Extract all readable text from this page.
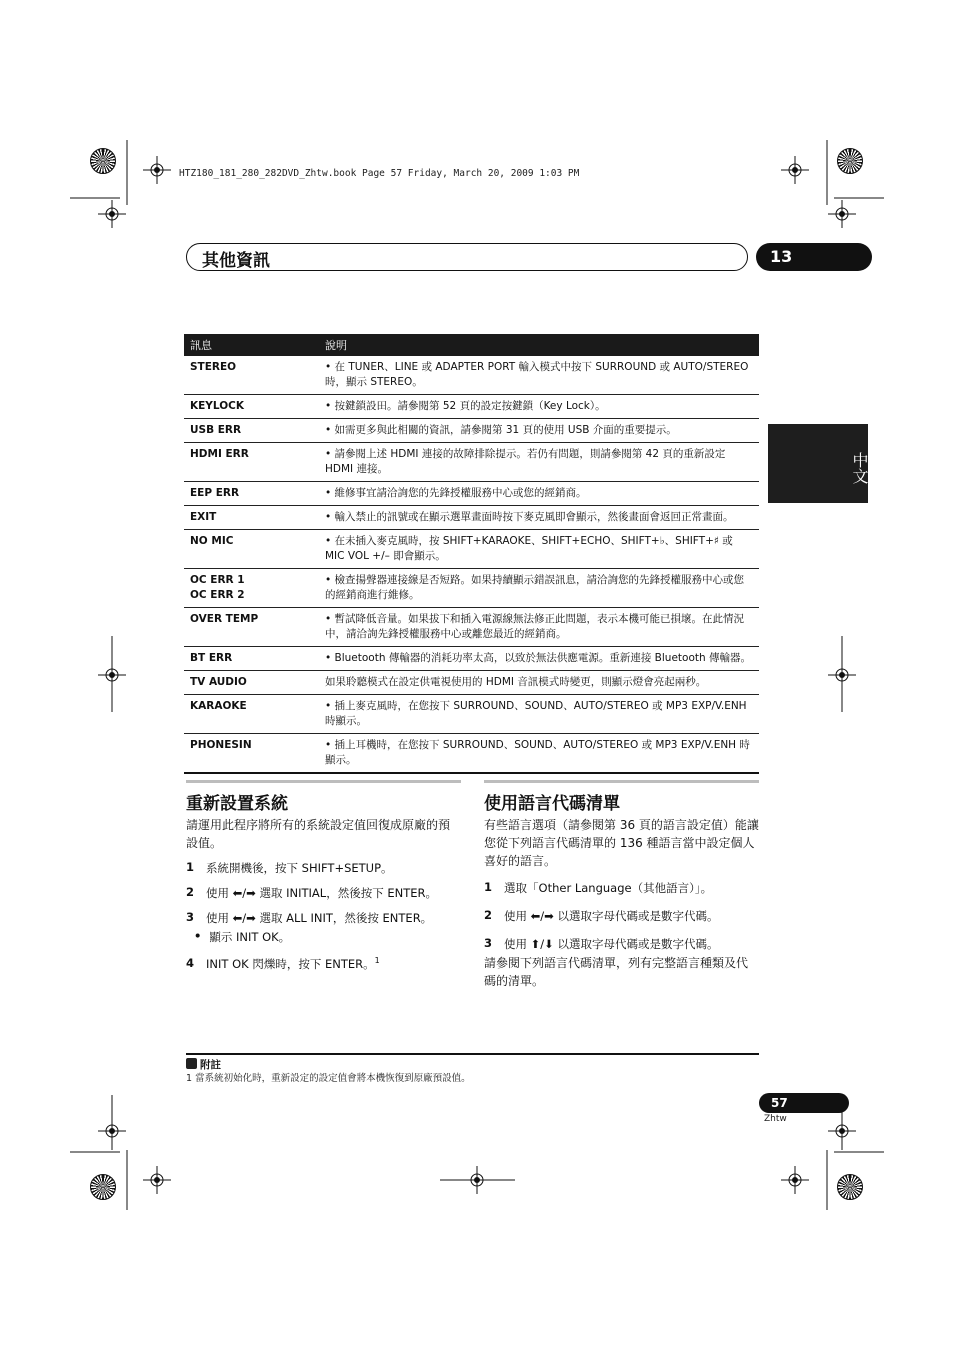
HTZ180_181_280_282DVD_Zhtw.book Page 57 Friday, March 20, 2009 1:03 PM
其他資訊	13
中文
訊息	說明
STEREO	• 在 TUNER、LINE 或 ADAPTER PORT 輸入模式中按下 SURROUND 或 AUTO/STEREO 時，顯示 STEREO。
KEYLOCK	• 按鍵鎖設田。請參閱第 52 頁的設定按鍵鎖（Key Lock）。
USB ERR	• 如需更多與此相關的資訊，請參閱第 31 頁的使用 USB 介面的重要提示。
HDMI ERR	• 請參閱上述 HDMI 連接的故障排除提示。若仍有問題，則請參閱第 42 頁的重新設定 HDMI 連接。
EEP ERR	• 維修事宜請洽詢您的先鋒授權服務中心或您的經銷商。
EXIT	• 輸入禁止的訊號或在顯示選單畫面時按下麥克風即會顯示，然後畫面會返回正常畫面。
NO MIC	• 在未插入麥克風時，按 SHIFT+KARAOKE、SHIFT+ECHO、SHIFT+♭、SHIFT+♯ 或 MIC VOL +/– 即會顯示。
OC ERR 1
OC ERR 2	• 檢查揚聲器連接線是否短路。如果持續顯示錯誤訊息，請洽詢您的先鋒授權服務中心或您的經銷商進行維修。
OVER TEMP	• 暫試降低音量。如果拔下和插入電源線無法修正此問題，表示本機可能已損壞。在此情況中，請洽詢先鋒授權服務中心或離您最近的經銷商。
BT ERR	• Bluetooth 傳輸器的消耗功率太高，以致於無法供應電源。重新連接 Bluetooth 傳輸器。
TV AUDIO	如果聆聽模式在設定供電視使用的 HDMI 音訊模式時變更，則顯示燈會亮起兩秒。
KARAOKE	• 插上麥克風時，在您按下 SURROUND、SOUND、AUTO/STEREO 或 MP3 EXP/V.ENH 時顯示。
PHONESIN	• 插上耳機時，在您按下 SURROUND、SOUND、AUTO/STEREO 或 MP3 EXP/V.ENH 時顯示。
重新設置系統
請運用此程序將所有的系統設定值回復成原廠的預設值。
1 系統開機後，按下 SHIFT+SETUP。
2 使用 ⬅/➡ 選取 INITIAL，然後按下 ENTER。
3 使用 ⬅/➡ 選取 ALL INIT，然後按 ENTER。
• 顯示 INIT OK。
4 INIT OK 閃爍時，按下 ENTER。$^1$
使用語言代碼清單
有些語言選項（請參閱第 36 頁的語言設定值）能讓您從下列語言代碼清單的 136 種語言當中設定個人喜好的語言。
1 選取「Other Language（其他語言）」。
2 使用 ⬅/➡ 以選取字母代碼或是數字代碼。
3 使用 ⬆/⬇ 以選取字母代碼或是數字代碼。
請參閱下列語言代碼清單，列有完整語言種類及代碼的清單。
附註
1 當系統初始化時，重新設定的設定值會將本機恢復到原廠預設值。
57
Zhtw
